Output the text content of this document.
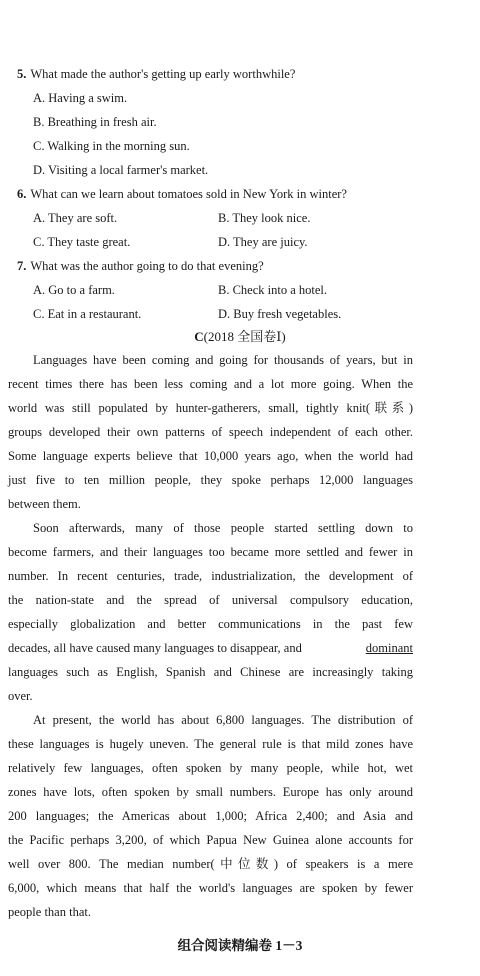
5. What made the author's getting up early worthwhile?
A. Having a swim.
B. Breathing in fresh air.
C. Walking in the morning sun.
D. Visiting a local farmer's market.
6. What can we learn about tomatoes sold in New York in winter?
A. They are soft.	B. They look nice.
C. They taste great.	D. They are juicy.
7. What was the author going to do that evening?
A. Go to a farm.	B. Check into a hotel.
C. Eat in a restaurant.	D. Buy fresh vegetables.
C(2018 全国卷Ⅰ)
Languages have been coming and going for thousands of years, but in
recent times there has been less coming and a lot more going. When the
world was still populated by hunter-gatherers, small, tightly knit(联系)
groups developed their own patterns of speech independent of each other.
Some language experts believe that 10,000 years ago, when the world had
just five to ten million people, they spoke perhaps 12,000 languages
between them.
Soon afterwards, many of those people started settling down to
become farmers, and their languages too became more settled and fewer in
number. In recent centuries, trade, industrialization, the development of
the nation-state and the spread of universal compulsory education,
especially globalization and better communications in the past few
decades, all have caused many languages to disappear, and	dominant
languages such as English, Spanish and Chinese are increasingly taking
over.
At present, the world has about 6,800 languages. The distribution of
these languages is hugely uneven. The general rule is that mild zones have
relatively few languages, often spoken by many people, while hot, wet
zones have lots, often spoken by small numbers. Europe has only around
200 languages; the Americas about 1,000; Africa 2,400; and Asia and
the Pacific perhaps 3,200, of which Papua New Guinea alone accounts for
well over 800. The median number(中位数) of speakers is a mere
6,000, which means that half the world's languages are spoken by fewer
people than that.
组合阅读精编卷 1－3
